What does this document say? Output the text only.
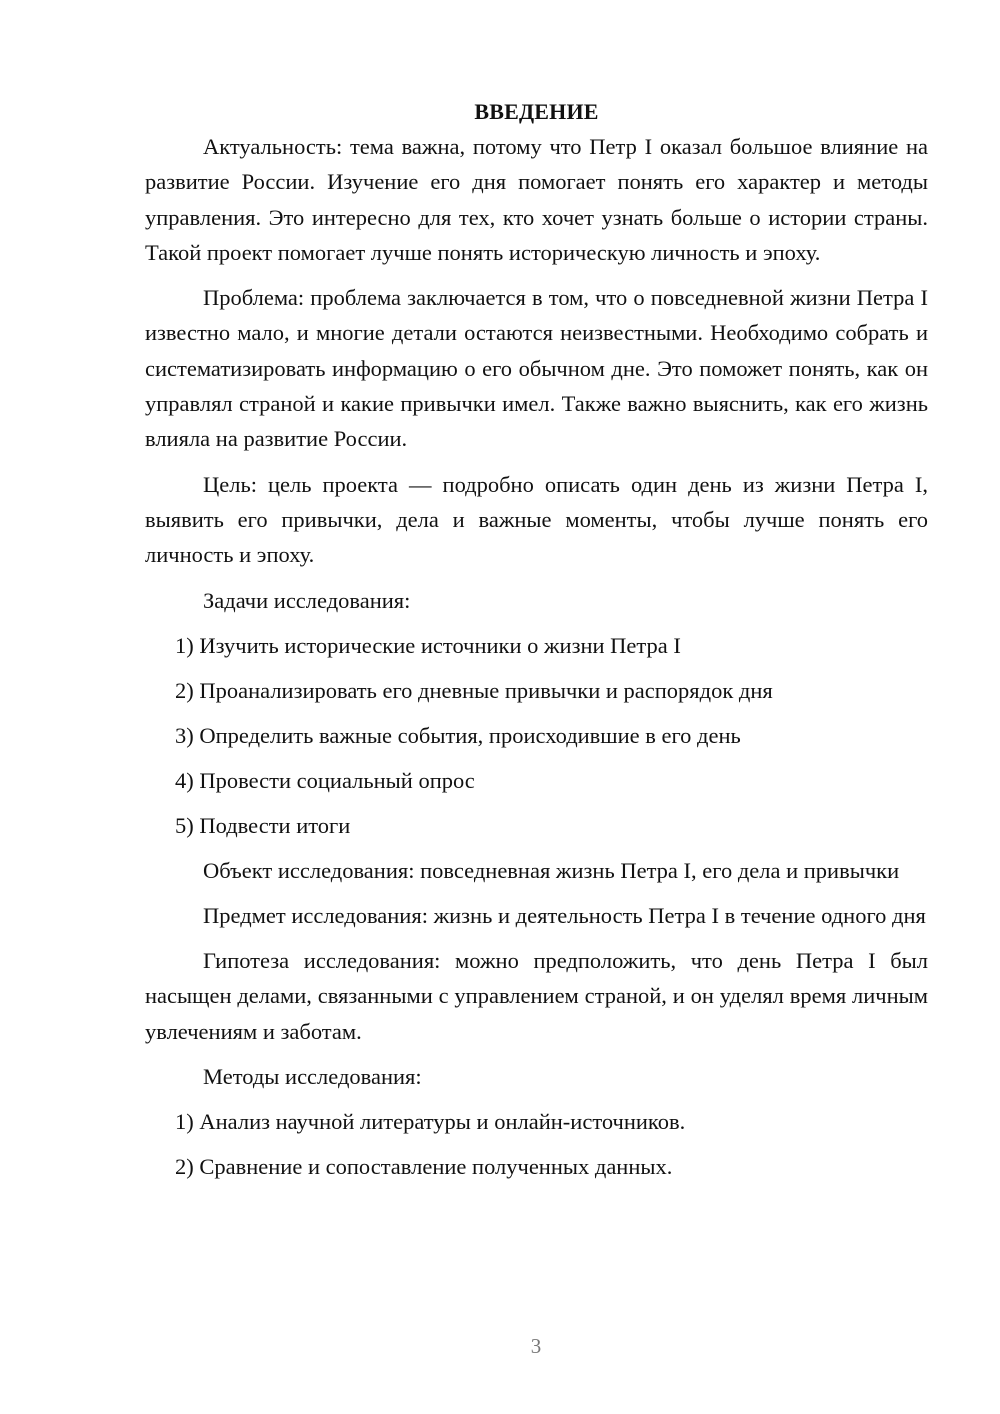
ВВЕДЕНИЕ

Актуальность: тема важна, потому что Петр I оказал большое влияние на развитие России. Изучение его дня помогает понять его характер и методы управления. Это интересно для тех, кто хочет узнать больше о истории страны. Такой проект помогает лучше понять историческую личность и эпоху.

Проблема: проблема заключается в том, что о повседневной жизни Петра I известно мало, и многие детали остаются неизвестными. Необходимо собрать и систематизировать информацию о его обычном дне. Это поможет понять, как он управлял страной и какие привычки имел. Также важно выяснить, как его жизнь влияла на развитие России.

Цель: цель проекта — подробно описать один день из жизни Петра I, выявить его привычки, дела и важные моменты, чтобы лучше понять его личность и эпоху.

Задачи исследования:

1) Изучить исторические источники о жизни Петра I
2) Проанализировать его дневные привычки и распорядок дня
3) Определить важные события, происходившие в его день
4) Провести социальный опрос
5) Подвести итоги

Объект исследования: повседневная жизнь Петра I, его дела и привычки

Предмет исследования: жизнь и деятельность Петра I в течение одного дня

Гипотеза исследования: можно предположить, что день Петра I был насыщен делами, связанными с управлением страной, и он уделял время личным увлечениям и заботам.

Методы исследования:

1) Анализ научной литературы и онлайн-источников.
2) Сравнение и сопоставление полученных данных.
3
